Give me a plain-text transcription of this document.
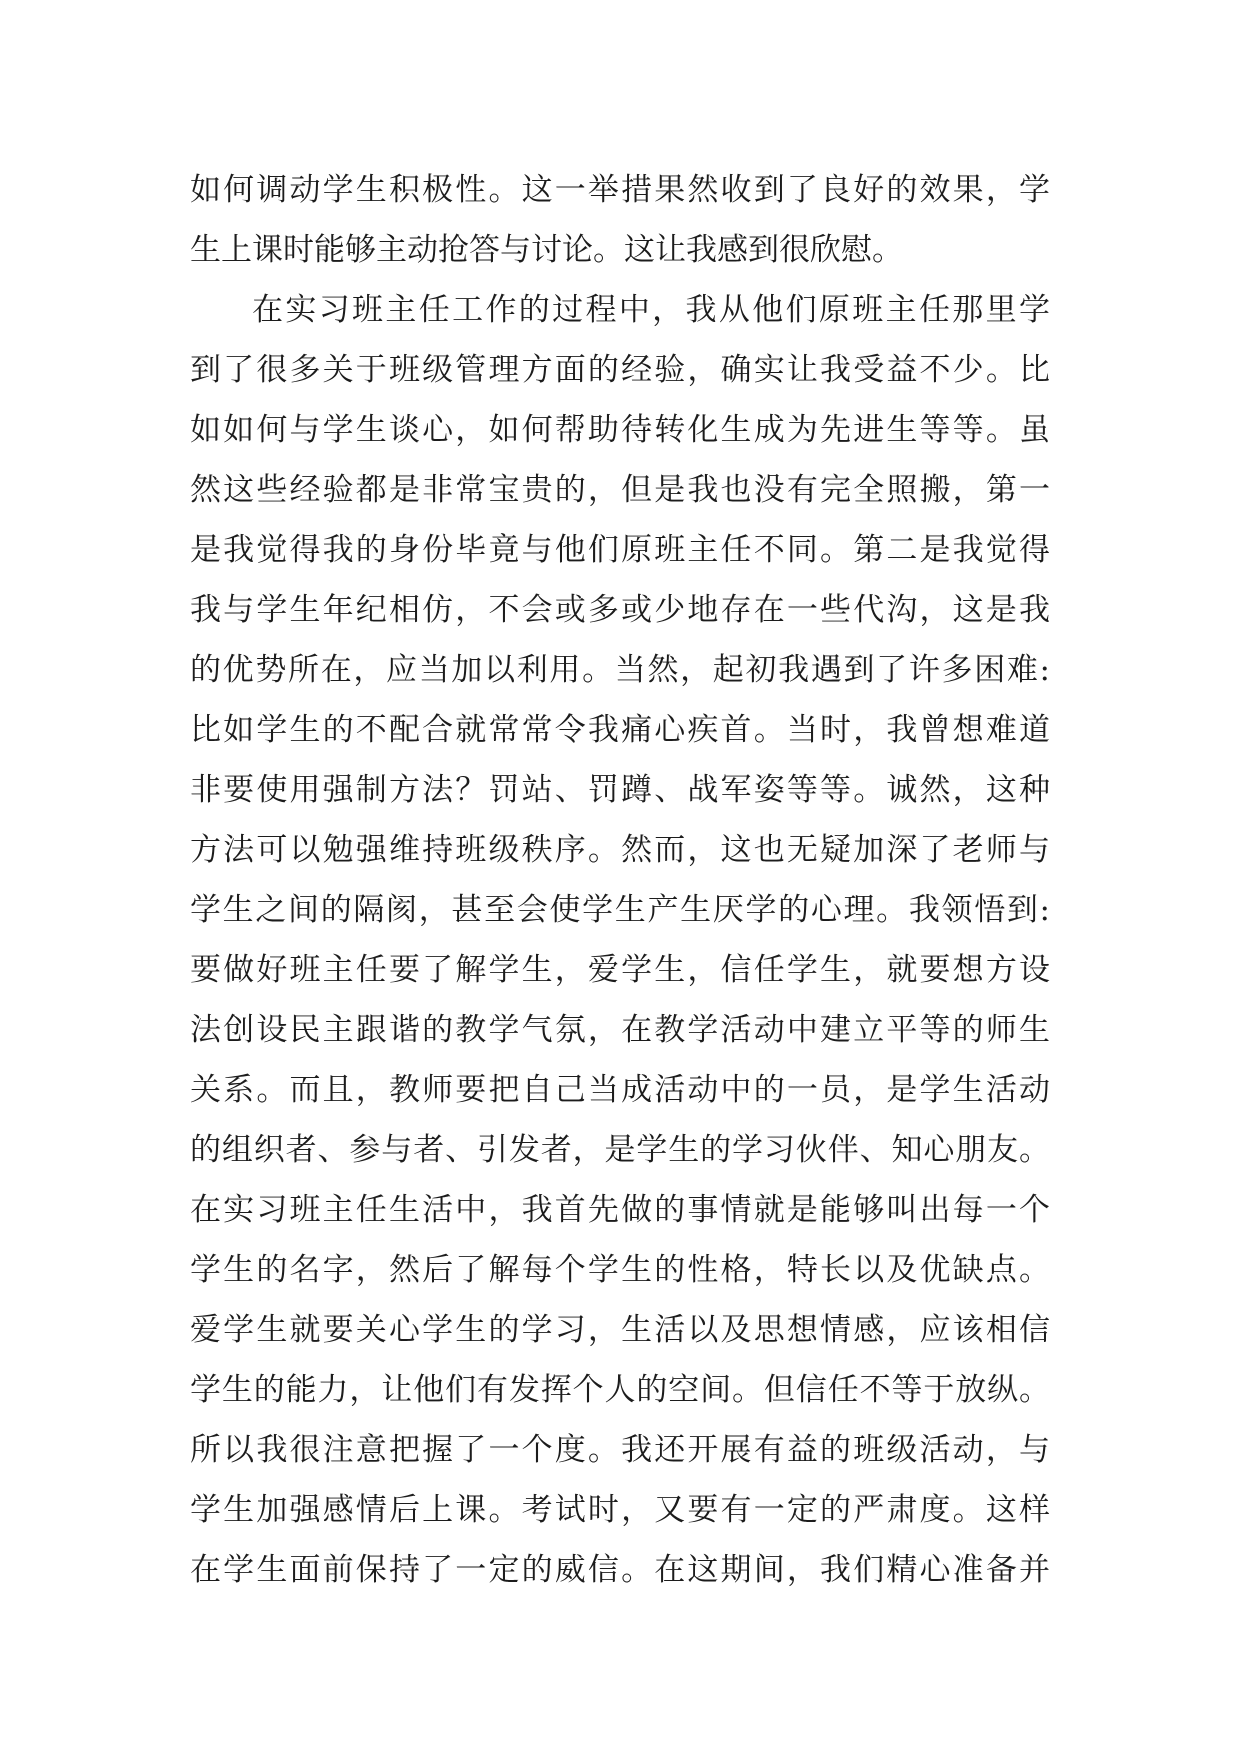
如何调动学生积极性。这一举措果然收到了良好的效果，学
生上课时能够主动抢答与讨论。这让我感到很欣慰。
在实习班主任工作的过程中，我从他们原班主任那里学
到了很多关于班级管理方面的经验，确实让我受益不少。比
如如何与学生谈心，如何帮助待转化生成为先进生等等。虽
然这些经验都是非常宝贵的，但是我也没有完全照搬，第一
是我觉得我的身份毕竟与他们原班主任不同。第二是我觉得
我与学生年纪相仿，不会或多或少地存在一些代沟，这是我
的优势所在，应当加以利用。当然，起初我遇到了许多困难:
比如学生的不配合就常常令我痛心疾首。当时，我曾想难道
非要使用强制方法？罚站、罚蹲、战军姿等等。诚然，这种
方法可以勉强维持班级秩序。然而，这也无疑加深了老师与
学生之间的隔阂，甚至会使学生产生厌学的心理。我领悟到:
要做好班主任要了解学生，爱学生，信任学生，就要想方设
法创设民主跟谐的教学气氛，在教学活动中建立平等的师生
关系。而且，教师要把自己当成活动中的一员，是学生活动
的组织者、参与者、引发者，是学生的学习伙伴、知心朋友。
在实习班主任生活中，我首先做的事情就是能够叫出每一个
学生的名字，然后了解每个学生的性格，特长以及优缺点。
爱学生就要关心学生的学习，生活以及思想情感，应该相信
学生的能力，让他们有发挥个人的空间。但信任不等于放纵。
所以我很注意把握了一个度。我还开展有益的班级活动，与
学生加强感情后上课。考试时，又要有一定的严肃度。这样
在学生面前保持了一定的威信。在这期间，我们精心准备并
